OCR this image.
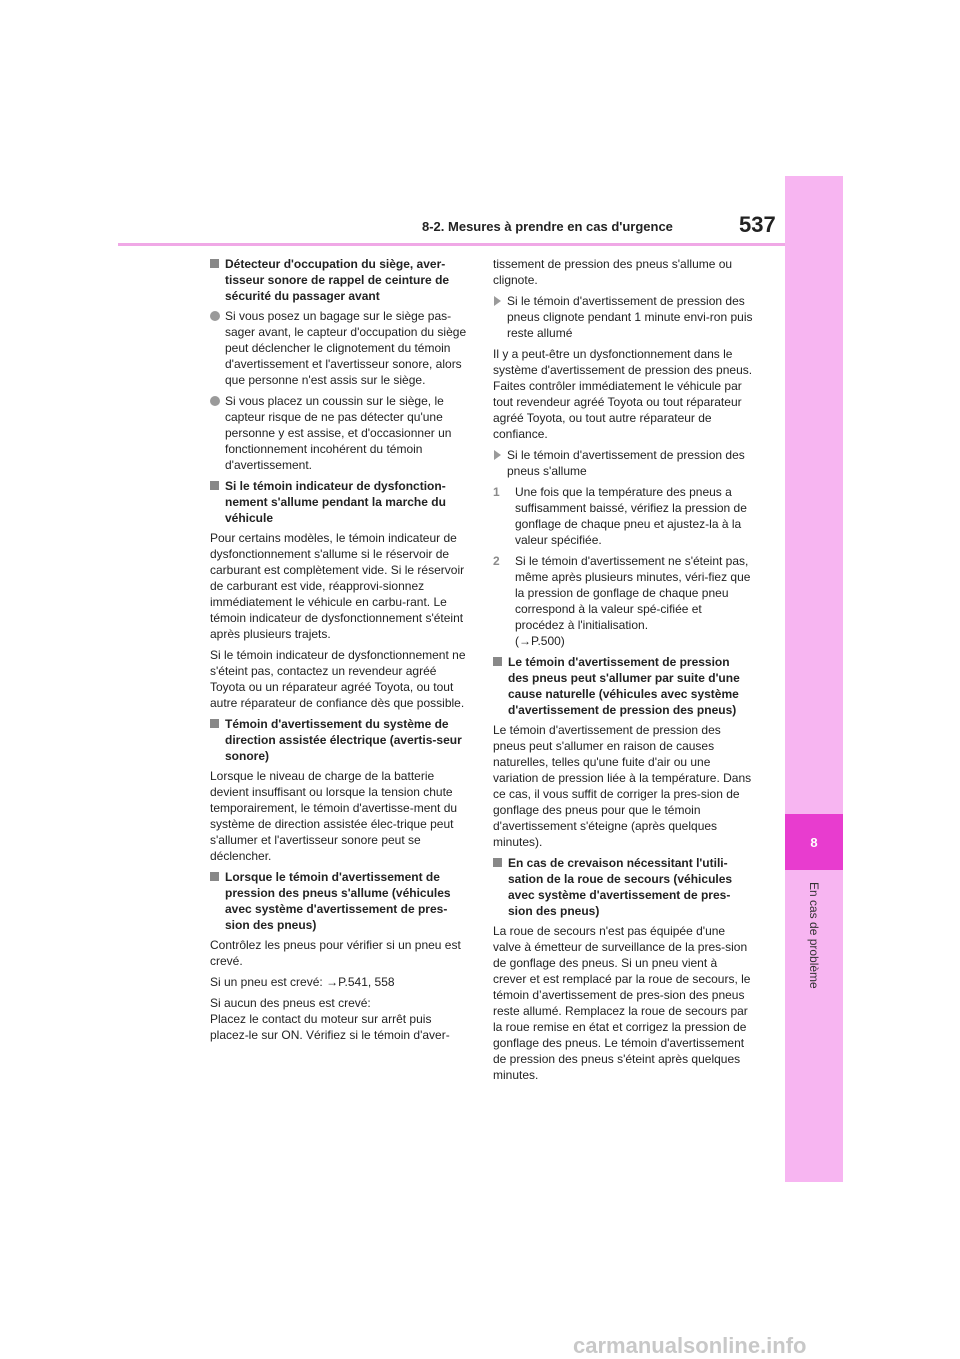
8
En cas de problème
8-2. Mesures à prendre en cas d'urgence	537
Détecteur d'occupation du siège, aver-tisseur sonore de rappel de ceinture de sécurité du passager avant
Si vous posez un bagage sur le siège pas-sager avant, le capteur d'occupation du siège peut déclencher le clignotement du témoin d'avertissement et l'avertisseur sonore, alors que personne n'est assis sur le siège.
Si vous placez un coussin sur le siège, le capteur risque de ne pas détecter qu'une personne y est assise, et d'occasionner un fonctionnement incohérent du témoin d'avertissement.
Si le témoin indicateur de dysfonction-nement s'allume pendant la marche du véhicule
Pour certains modèles, le témoin indicateur de dysfonctionnement s'allume si le réservoir de carburant est complètement vide. Si le réservoir de carburant est vide, réapprovi-sionnez immédiatement le véhicule en carbu-rant. Le témoin indicateur de dysfonctionnement s'éteint après plusieurs trajets.
Si le témoin indicateur de dysfonctionnement ne s'éteint pas, contactez un revendeur agréé Toyota ou un réparateur agréé Toyota, ou tout autre réparateur de confiance dès que possible.
Témoin d'avertissement du système de direction assistée électrique (avertis-seur sonore)
Lorsque le niveau de charge de la batterie devient insuffisant ou lorsque la tension chute temporairement, le témoin d'avertisse-ment du système de direction assistée élec-trique peut s'allumer et l'avertisseur sonore peut se déclencher.
Lorsque le témoin d'avertissement de pression des pneus s'allume (véhicules avec système d'avertissement de pres-sion des pneus)
Contrôlez les pneus pour vérifier si un pneu est crevé.
Si un pneu est crevé: →P.541, 558
Si aucun des pneus est crevé:
Placez le contact du moteur sur arrêt puis placez-le sur ON. Vérifiez si le témoin d'aver-
tissement de pression des pneus s'allume ou clignote.
Si le témoin d'avertissement de pression des pneus clignote pendant 1 minute envi-ron puis reste allumé
Il y a peut-être un dysfonctionnement dans le système d'avertissement de pression des pneus. Faites contrôler immédiatement le véhicule par tout revendeur agréé Toyota ou tout réparateur agréé Toyota, ou tout autre réparateur de confiance.
Si le témoin d'avertissement de pression des pneus s'allume
1 Une fois que la température des pneus a suffisamment baissé, vérifiez la pression de gonflage de chaque pneu et ajustez-la à la valeur spécifiée.
2 Si le témoin d'avertissement ne s'éteint pas, même après plusieurs minutes, véri-fiez que la pression de gonflage de chaque pneu correspond à la valeur spé-cifiée et procédez à l'initialisation.
(→P.500)
Le témoin d'avertissement de pression des pneus peut s'allumer par suite d'une cause naturelle (véhicules avec système d'avertissement de pression des pneus)
Le témoin d'avertissement de pression des pneus peut s'allumer en raison de causes naturelles, telles qu'une fuite d'air ou une variation de pression liée à la température. Dans ce cas, il vous suffit de corriger la pres-sion de gonflage des pneus pour que le témoin d'avertissement s'éteigne (après quelques minutes).
En cas de crevaison nécessitant l'utili-sation de la roue de secours (véhicules avec système d'avertissement de pres-sion des pneus)
La roue de secours n'est pas équipée d'une valve à émetteur de surveillance de la pres-sion de gonflage des pneus. Si un pneu vient à crever et est remplacé par la roue de secours, le témoin d’avertissement de pres-sion des pneus reste allumé. Remplacez la roue de secours par la roue remise en état et corrigez la pression de gonflage des pneus. Le témoin d'avertissement de pression des pneus s'éteint après quelques minutes.
carmanualsonline.info
